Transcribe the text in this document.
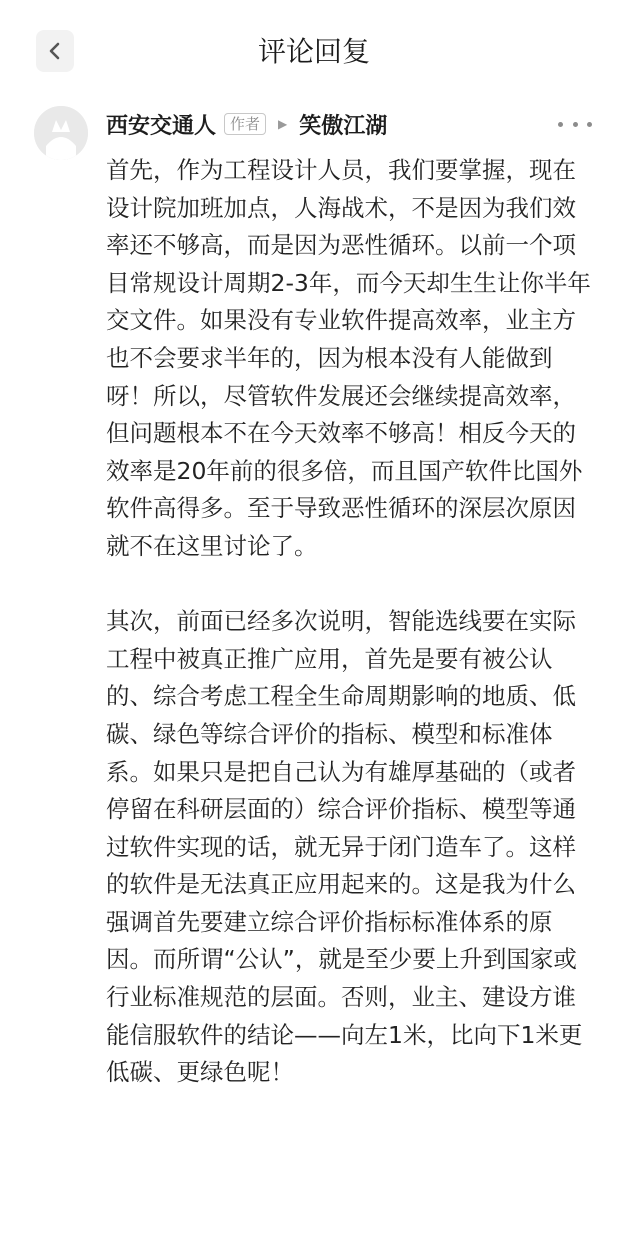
评论回复
西安交通人 作者	▶ 笑傲江湖

首先，作为工程设计人员，我们要掌握，现在设计院加班加点，人海战术，不是因为我们效率还不够高，而是因为恶性循环。以前一个项目常规设计周期2-3年，而今天却生生让你半年交文件。如果没有专业软件提高效率，业主方也不会要求半年的，因为根本没有人能做到呀！所以，尽管软件发展还会继续提高效率，但问题根本不在今天效率不够高！相反今天的效率是20年前的很多倍，而且国产软件比国外软件高得多。至于导致恶性循环的深层次原因就不在这里讨论了。

其次，前面已经多次说明，智能选线要在实际工程中被真正推广应用，首先是要有被公认的、综合考虑工程全生命周期影响的地质、低碳、绿色等综合评价的指标、模型和标准体系。如果只是把自己认为有雄厚基础的（或者停留在科研层面的）综合评价指标、模型等通过软件实现的话，就无异于闭门造车了。这样的软件是无法真正应用起来的。这是我为什么强调首先要建立综合评价指标标准体系的原因。而所谓“公认”，就是至少要上升到国家或行业标准规范的层面。否则，业主、建设方谁能信服软件的结论——向左1米，比向下1米更低碳、更绿色呢！
